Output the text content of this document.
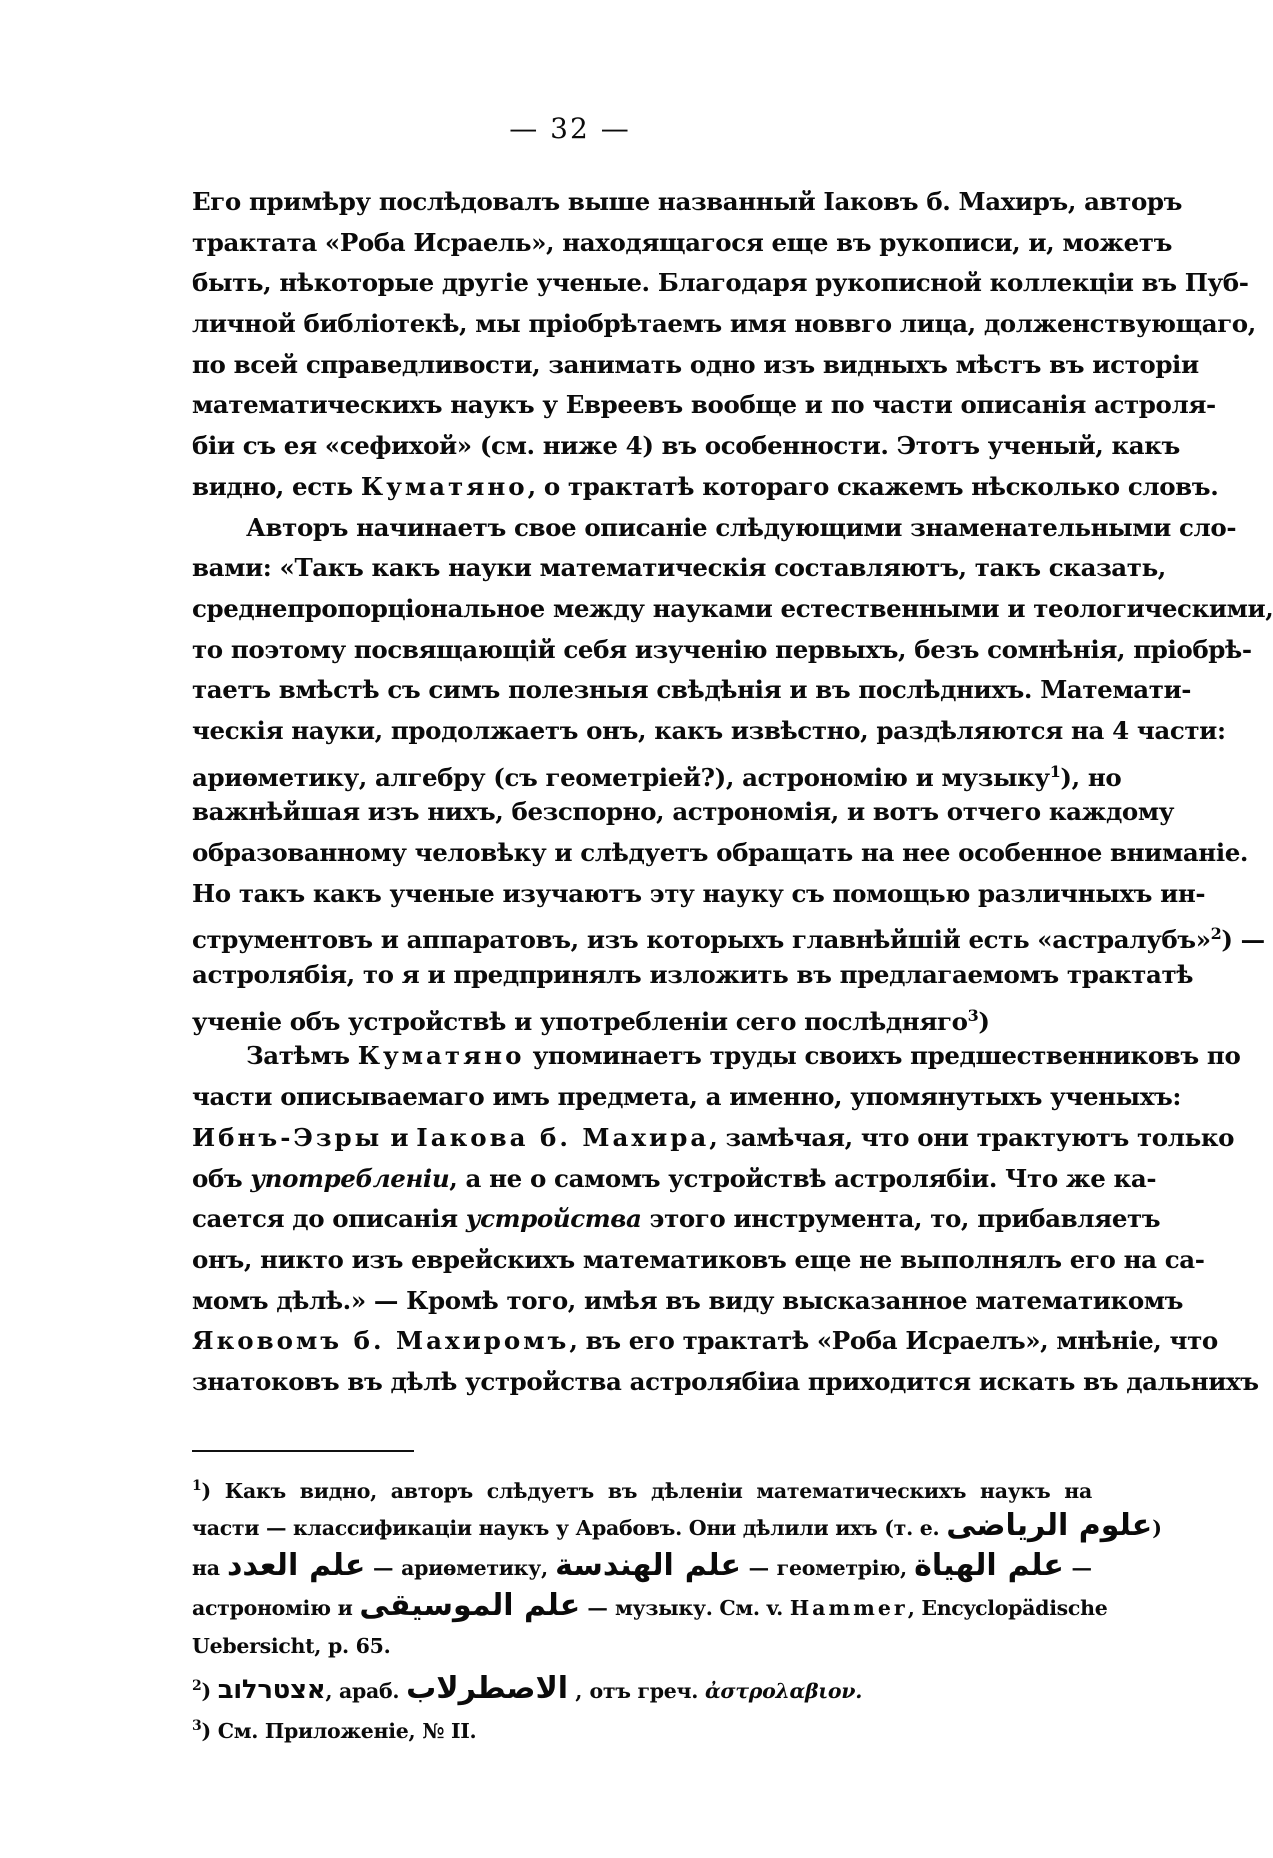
— 32 —
Его примѣру послѣдовалъ выше названный Іаковъ б. Махиръ, авторъ
трактата «Роба Исраель», находящагося еще въ рукописи, и, можетъ
быть, нѣкоторые другіе ученые. Благодаря рукописной коллекціи въ Пуб-
личной библіотекѣ, мы пріобрѣтаемъ имя новвго лица, долженствующаго,
по всей справедливости, занимать одно изъ видныхъ мѣстъ въ исторіи
математическихъ наукъ у Евреевъ вообще и по части описанія астроля-
біи съ ея «сефихой» (см. ниже 4) въ особенности. Этотъ ученый, какъ
видно, есть Куматяно, о трактатѣ котораго скажемъ нѣсколько словъ.
Авторъ начинаетъ свое описаніе слѣдующими знаменательными сло-
вами: «Такъ какъ науки математическія составляютъ, такъ сказать,
среднепропорціональное между науками естественными и теологическими,
то поэтому посвящающій себя изученію первыхъ, безъ сомнѣнія, пріобрѣ-
таетъ вмѣстѣ съ симъ полезныя свѣдѣнія и въ послѣднихъ. Математи-
ческія науки, продолжаетъ онъ, какъ извѣстно, раздѣляются на 4 части:
ариѳметику, алгебру (съ геометріей?), астрономію и музыку$^1$), но
важнѣйшая изъ нихъ, безспорно, астрономія, и вотъ отчего каждому
образованному человѣку и слѣдуетъ обращать на нее особенное вниманіе.
Но такъ какъ ученые изучаютъ эту науку съ помощью различныхъ ин-
струментовъ и аппаратовъ, изъ которыхъ главнѣйшій есть «астралубъ»$^2$) —
астролябія, то я и предпринялъ изложить въ предлагаемомъ трактатѣ
ученіе объ устройствѣ и употребленіи сего послѣдняго$^3$)
Затѣмъ Куматяно упоминаетъ труды своихъ предшественниковъ по
части описываемаго имъ предмета, а именно, упомянутыхъ ученыхъ:
Ибнъ-Эзры и Іакова б. Махира, замѣчая, что они трактуютъ только
объ употребленіи, а не о самомъ устройствѣ астролябіи. Что же ка-
сается до описанія устройства этого инструмента, то, прибавляетъ
онъ, никто изъ еврейскихъ математиковъ еще не выполнялъ его на са-
момъ дѣлѣ.» — Кромѣ того, имѣя въ виду высказанное математикомъ
Яковомъ б. Махиромъ, въ его трактатѣ «Роба Исраелъ», мнѣніе, что
знатоковъ въ дѣлѣ устройства астролябіиа приходится искать въ дальнихъ
$^1$) Какъ видно, авторъ слѣдуетъ въ дѣленіи математическихъ наукъ на
части — классификаціи наукъ у Арабовъ. Они дѣлили ихъ (т. е. علوم الرياضى)
на علم العدد — ариѳметику, علم الهندسة — геометрію, علم الهياة —
астрономію и علم الموسيقى — музыку. См. v. Hammer, Encyclopädische
Uebersicht, p. 65.
$^2$) אצטרלוב, араб. الاصطرلاب , отъ греч. ἀστρολαβιον.
$^3$) См. Приложеніе, № II.
